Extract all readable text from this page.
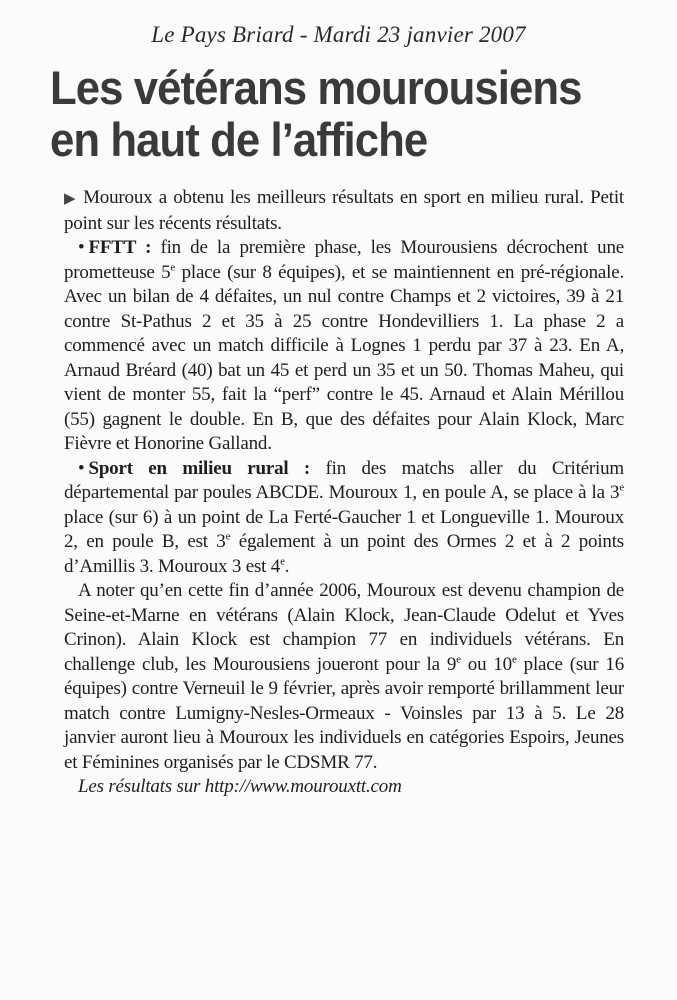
Le Pays Briard - Mardi 23 janvier 2007
Les vétérans mourousiens
en haut de l’affiche

▶ Mouroux a obtenu les meilleurs résultats en sport en milieu rural. Petit point sur les récents résultats.

• FFTT : fin de la première phase, les Mourousiens décrochent une prometteuse 5e place (sur 8 équipes), et se maintiennent en pré-régionale. Avec un bilan de 4 défaites, un nul contre Champs et 2 victoires, 39 à 21 contre St-Pathus 2 et 35 à 25 contre Hondevilliers 1. La phase 2 a commencé avec un match difficile à Lognes 1 perdu par 37 à 23. En A, Arnaud Bréard (40) bat un 45 et perd un 35 et un 50. Thomas Maheu, qui vient de monter 55, fait la “perf” contre le 45. Arnaud et Alain Mérillou (55) gagnent le double. En B, que des défaites pour Alain Klock, Marc Fièvre et Honorine Galland.

• Sport en milieu rural : fin des matchs aller du Critérium départemental par poules ABCDE. Mouroux 1, en poule A, se place à la 3e place (sur 6) à un point de La Ferté-Gaucher 1 et Longueville 1. Mouroux 2, en poule B, est 3e également à un point des Ormes 2 et à 2 points d’Amillis 3. Mouroux 3 est 4e.

A noter qu’en cette fin d’année 2006, Mouroux est devenu champion de Seine-et-Marne en vétérans (Alain Klock, Jean-Claude Odelut et Yves Crinon). Alain Klock est champion 77 en individuels vétérans. En challenge club, les Mourousiens joueront pour la 9e ou 10e place (sur 16 équipes) contre Verneuil le 9 février, après avoir remporté brillamment leur match contre Lumigny-Nesles-Ormeaux - Voinsles par 13 à 5. Le 28 janvier auront lieu à Mouroux les individuels en catégories Espoirs, Jeunes et Féminines organisés par le CDSMR 77.

Les résultats sur http://www.mourouxtt.com
